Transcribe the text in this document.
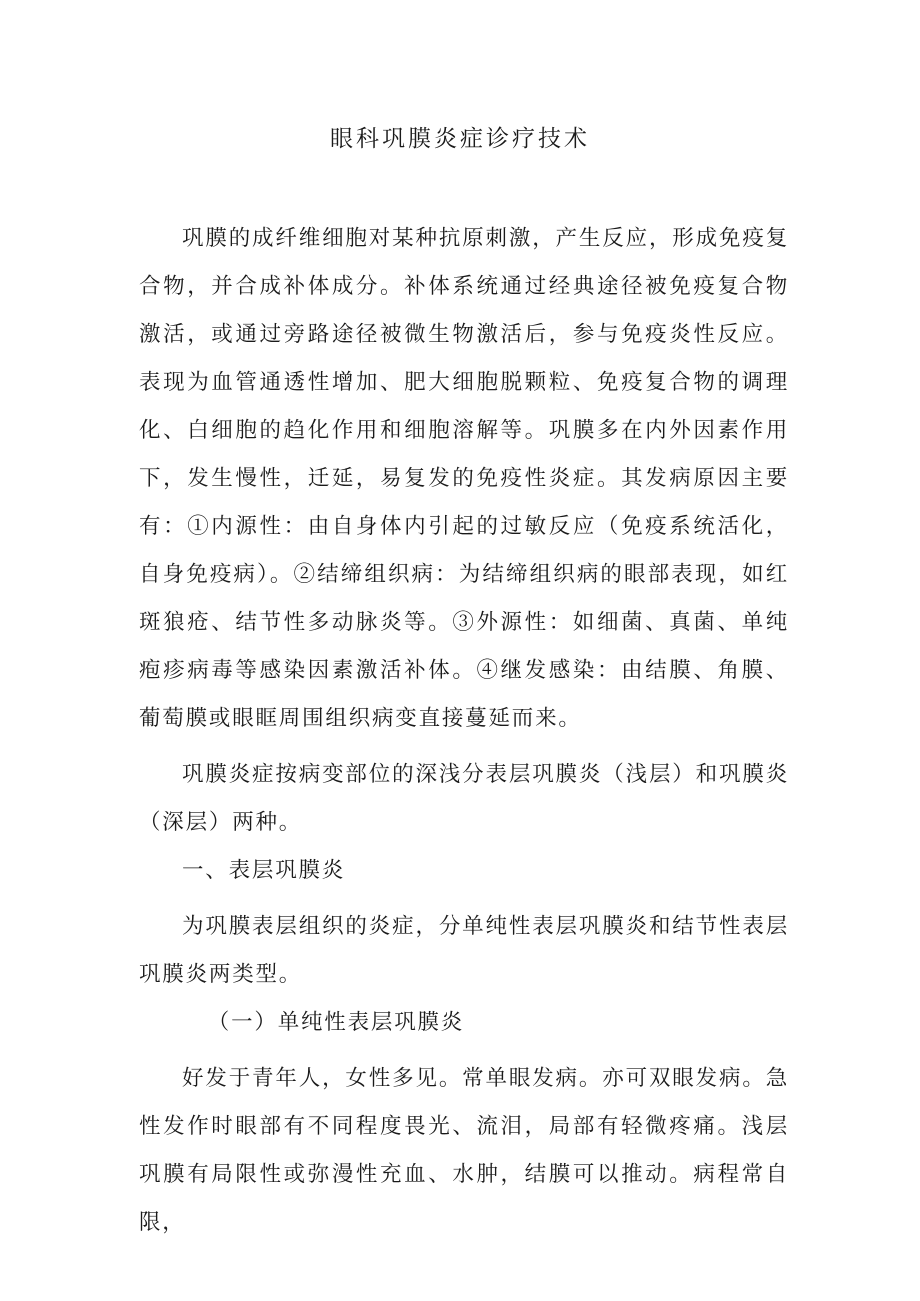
眼科巩膜炎症诊疗技术

巩膜的成纤维细胞对某种抗原刺激，产生反应，形成免疫复合物，并合成补体成分。补体系统通过经典途径被免疫复合物激活，或通过旁路途径被微生物激活后，参与免疫炎性反应。表现为血管通透性增加、肥大细胞脱颗粒、免疫复合物的调理化、白细胞的趋化作用和细胞溶解等。巩膜多在内外因素作用下，发生慢性，迁延，易复发的免疫性炎症。其发病原因主要有：①内源性：由自身体内引起的过敏反应（免疫系统活化，自身免疫病）。②结缔组织病：为结缔组织病的眼部表现，如红斑狼疮、结节性多动脉炎等。③外源性：如细菌、真菌、单纯疱疹病毒等感染因素激活补体。④继发感染：由结膜、角膜、葡萄膜或眼眶周围组织病变直接蔓延而来。

巩膜炎症按病变部位的深浅分表层巩膜炎（浅层）和巩膜炎（深层）两种。

一、表层巩膜炎

为巩膜表层组织的炎症，分单纯性表层巩膜炎和结节性表层巩膜炎两类型。

（一）单纯性表层巩膜炎

好发于青年人，女性多见。常单眼发病。亦可双眼发病。急性发作时眼部有不同程度畏光、流泪，局部有轻微疼痛。浅层巩膜有局限性或弥漫性充血、水肿，结膜可以推动。病程常自限，
